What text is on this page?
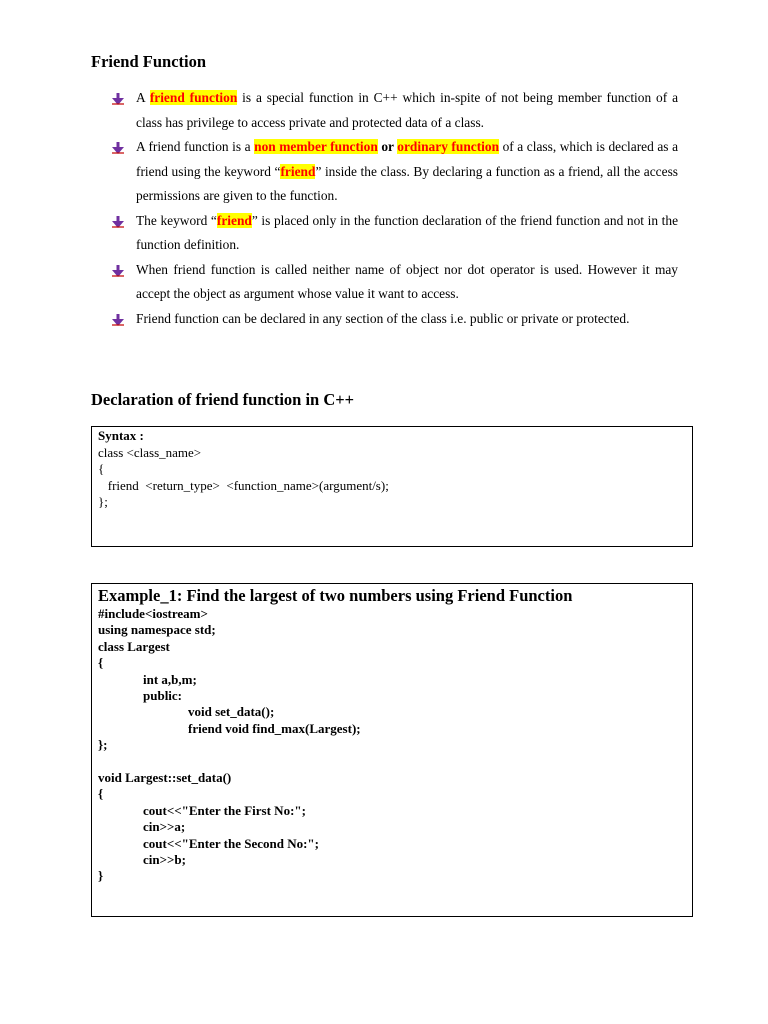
Friend Function
A friend function is a special function in C++ which in-spite of not being member function of a class has privilege to access private and protected data of a class.
A friend function is a non member function or ordinary function of a class, which is declared as a friend using the keyword “friend” inside the class. By declaring a function as a friend, all the access permissions are given to the function.
The keyword “friend” is placed only in the function declaration of the friend function and not in the function definition.
When friend function is called neither name of object nor dot operator is used. However it may accept the object as argument whose value it want to access.
Friend function can be declared in any section of the class i.e. public or private or protected.
Declaration of friend function in C++
Syntax :
class <class_name>
{
friend  <return_type>  <function_name>(argument/s);
};
Example_1: Find the largest of two numbers using Friend Function
#include<iostream>
using namespace std;
class Largest
{
int a,b,m;
public:
void set_data();
friend void find_max(Largest);
};
void Largest::set_data()
{
cout<<"Enter the First No:";
cin>>a;
cout<<"Enter the Second No:";
cin>>b;
}
